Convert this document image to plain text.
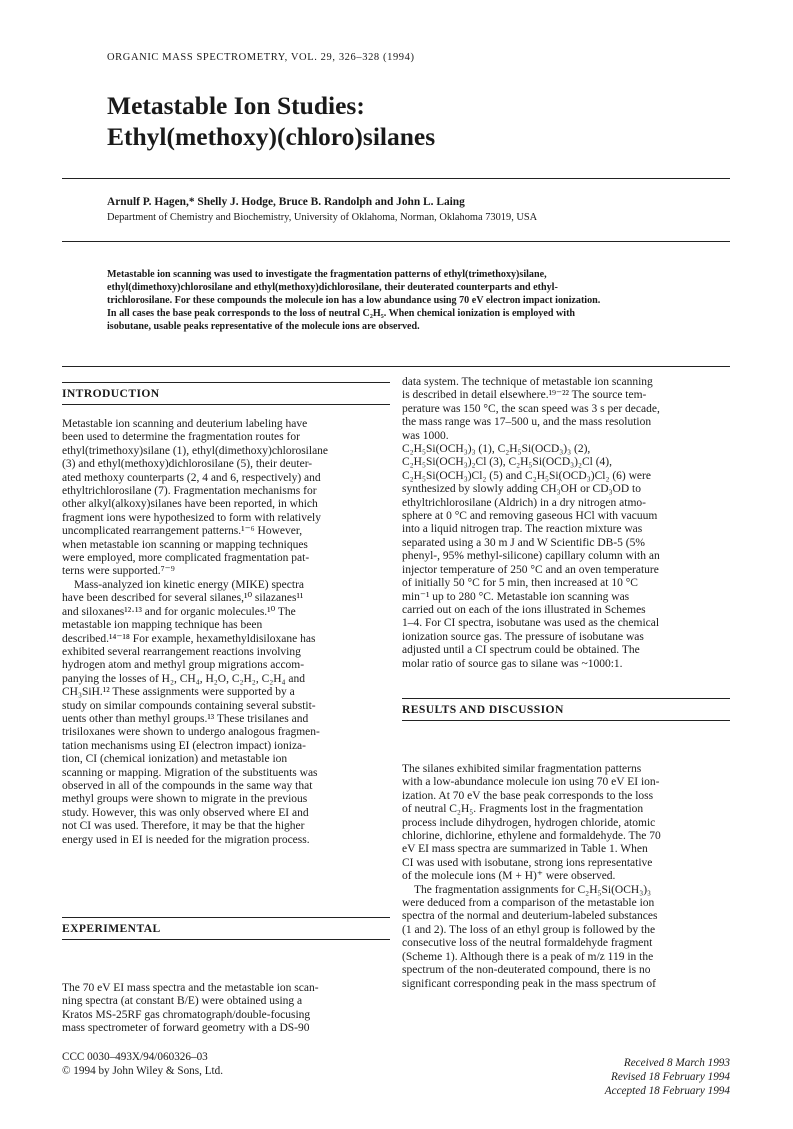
ORGANIC MASS SPECTROMETRY, VOL. 29, 326–328 (1994)
Metastable Ion Studies:
Ethyl(methoxy)(chloro)silanes
Arnulf P. Hagen,* Shelly J. Hodge, Bruce B. Randolph and John L. Laing
Department of Chemistry and Biochemistry, University of Oklahoma, Norman, Oklahoma 73019, USA
Metastable ion scanning was used to investigate the fragmentation patterns of ethyl(trimethoxy)silane,
ethyl(dimethoxy)chlorosilane and ethyl(methoxy)dichlorosilane, their deuterated counterparts and ethyl-
trichlorosilane. For these compounds the molecule ion has a low abundance using 70 eV electron impact ionization.
In all cases the base peak corresponds to the loss of neutral C₂H₅. When chemical ionization is employed with
isobutane, usable peaks representative of the molecule ions are observed.
INTRODUCTION
Metastable ion scanning and deuterium labeling have
been used to determine the fragmentation routes for
ethyl(trimethoxy)silane (1), ethyl(dimethoxy)chlorosilane
(3) and ethyl(methoxy)dichlorosilane (5), their deuter-
ated methoxy counterparts (2, 4 and 6, respectively) and
ethyltrichlorosilane (7). Fragmentation mechanisms for
other alkyl(alkoxy)silanes have been reported, in which
fragment ions were hypothesized to form with relatively
uncomplicated rearrangement patterns.¹⁻⁶ However,
when metastable ion scanning or mapping techniques
were employed, more complicated fragmentation pat-
terns were supported.⁷⁻⁹
Mass-analyzed ion kinetic energy (MIKE) spectra
have been described for several silanes,¹⁰ silazanes¹¹
and siloxanes¹²·¹³ and for organic molecules.¹⁰ The
metastable ion mapping technique has been
described.¹⁴⁻¹⁸ For example, hexamethyldisiloxane has
exhibited several rearrangement reactions involving
hydrogen atom and methyl group migrations accom-
panying the losses of H₂, CH₄, H₂O, C₂H₂, C₂H₄ and
CH₃SiH.¹² These assignments were supported by a
study on similar compounds containing several substit-
uents other than methyl groups.¹³ These trisilanes and
trisiloxanes were shown to undergo analogous fragmen-
tation mechanisms using EI (electron impact) ioniza-
tion, CI (chemical ionization) and metastable ion
scanning or mapping. Migration of the substituents was
observed in all of the compounds in the same way that
methyl groups were shown to migrate in the previous
study. However, this was only observed where EI and
not CI was used. Therefore, it may be that the higher
energy used in EI is needed for the migration process.
EXPERIMENTAL
The 70 eV EI mass spectra and the metastable ion scan-
ning spectra (at constant B/E) were obtained using a
Kratos MS-25RF gas chromatograph/double-focusing
mass spectrometer of forward geometry with a DS-90
CCC 0030–493X/94/060326–03
© 1994 by John Wiley & Sons, Ltd.
data system. The technique of metastable ion scanning
is described in detail elsewhere.¹⁹⁻²² The source tem-
perature was 150 °C, the scan speed was 3 s per decade,
the mass range was 17–500 u, and the mass resolution
was 1000.
C₂H₅Si(OCH₃)₃ (1), C₂H₅Si(OCD₃)₃ (2),
C₂H₅Si(OCH₃)₂Cl (3), C₂H₅Si(OCD₃)₂Cl (4),
C₂H₅Si(OCH₃)Cl₂ (5) and C₂H₅Si(OCD₃)Cl₂ (6) were
synthesized by slowly adding CH₃OH or CD₃OD to
ethyltrichlorosilane (Aldrich) in a dry nitrogen atmo-
sphere at 0 °C and removing gaseous HCl with vacuum
into a liquid nitrogen trap. The reaction mixture was
separated using a 30 m J and W Scientific DB-5 (5%
phenyl-, 95% methyl-silicone) capillary column with an
injector temperature of 250 °C and an oven temperature
of initially 50 °C for 5 min, then increased at 10 °C
min⁻¹ up to 280 °C. Metastable ion scanning was
carried out on each of the ions illustrated in Schemes
1–4. For CI spectra, isobutane was used as the chemical
ionization source gas. The pressure of isobutane was
adjusted until a CI spectrum could be obtained. The
molar ratio of source gas to silane was ~1000:1.
RESULTS AND DISCUSSION
The silanes exhibited similar fragmentation patterns
with a low-abundance molecule ion using 70 eV EI ion-
ization. At 70 eV the base peak corresponds to the loss
of neutral C₂H₅. Fragments lost in the fragmentation
process include dihydrogen, hydrogen chloride, atomic
chlorine, dichlorine, ethylene and formaldehyde. The 70
eV EI mass spectra are summarized in Table 1. When
CI was used with isobutane, strong ions representative
of the molecule ions (M + H)⁺ were observed.
The fragmentation assignments for C₂H₅Si(OCH₃)₃
were deduced from a comparison of the metastable ion
spectra of the normal and deuterium-labeled substances
(1 and 2). The loss of an ethyl group is followed by the
consecutive loss of the neutral formaldehyde fragment
(Scheme 1). Although there is a peak of m/z 119 in the
spectrum of the non-deuterated compound, there is no
significant corresponding peak in the mass spectrum of
Received 8 March 1993
Revised 18 February 1994
Accepted 18 February 1994
